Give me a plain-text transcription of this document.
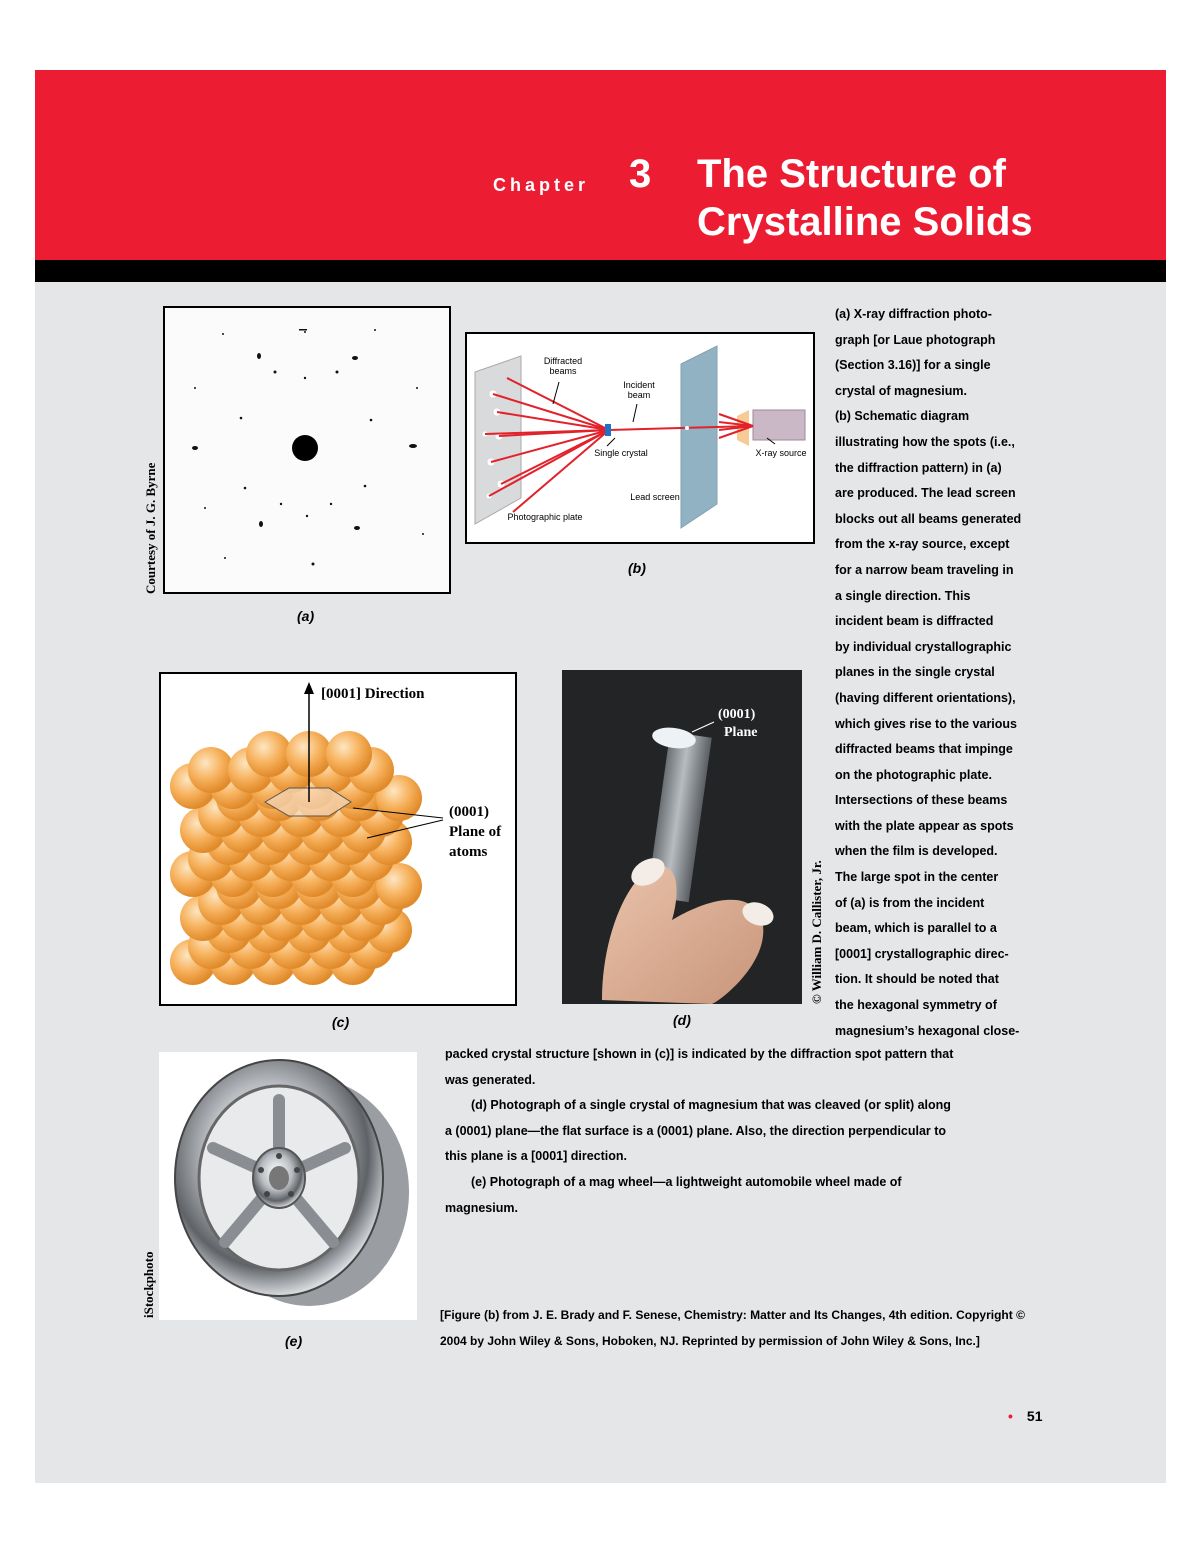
Chapter 3 The Structure of
Crystalline Solids
Courtesy of J. G. Byrne
(a)
Diffracted
beams
Incident
beam
Single crystal	X-ray source
Lead screen
Photographic plate
(b)

(a) X-ray diffraction photo-

graph [or Laue photograph

(Section 3.16)] for a single

crystal of magnesium.

(b) Schematic diagram

illustrating how the spots (i.e.,

the diffraction pattern) in (a)

are produced. The lead screen

blocks out all beams generated

from the x-ray source, except

for a narrow beam traveling in

a single direction. This

incident beam is diffracted

by individual crystallographic

planes in the single crystal

(having different orientations),

which gives rise to the various

diffracted beams that impinge

on the photographic plate.

Intersections of these beams

with the plate appear as spots

when the film is developed.

The large spot in the center

of (a) is from the incident

beam, which is parallel to a

[0001] crystallographic direc-

tion. It should be noted that

the hexagonal symmetry of

magnesium’s hexagonal close-

[0001] Direction
(0001)
Plane of
atoms
(c)
(0001)
Plane
© William D. Callister, Jr.
(d)
iStockphoto
(e)

packed crystal structure [shown in (c)] is indicated by the diffraction spot pattern that

was generated.

(d) Photograph of a single crystal of magnesium that was cleaved (or split) along

a (0001) plane—the flat surface is a (0001) plane. Also, the direction perpendicular to

this plane is a [0001] direction.

(e) Photograph of a mag wheel—a lightweight automobile wheel made of

magnesium.

[Figure (b) from J. E. Brady and F. Senese, Chemistry: Matter and Its Changes, 4th edition. Copyright ©
2004 by John Wiley & Sons, Hoboken, NJ. Reprinted by permission of John Wiley & Sons, Inc.]
• 51
